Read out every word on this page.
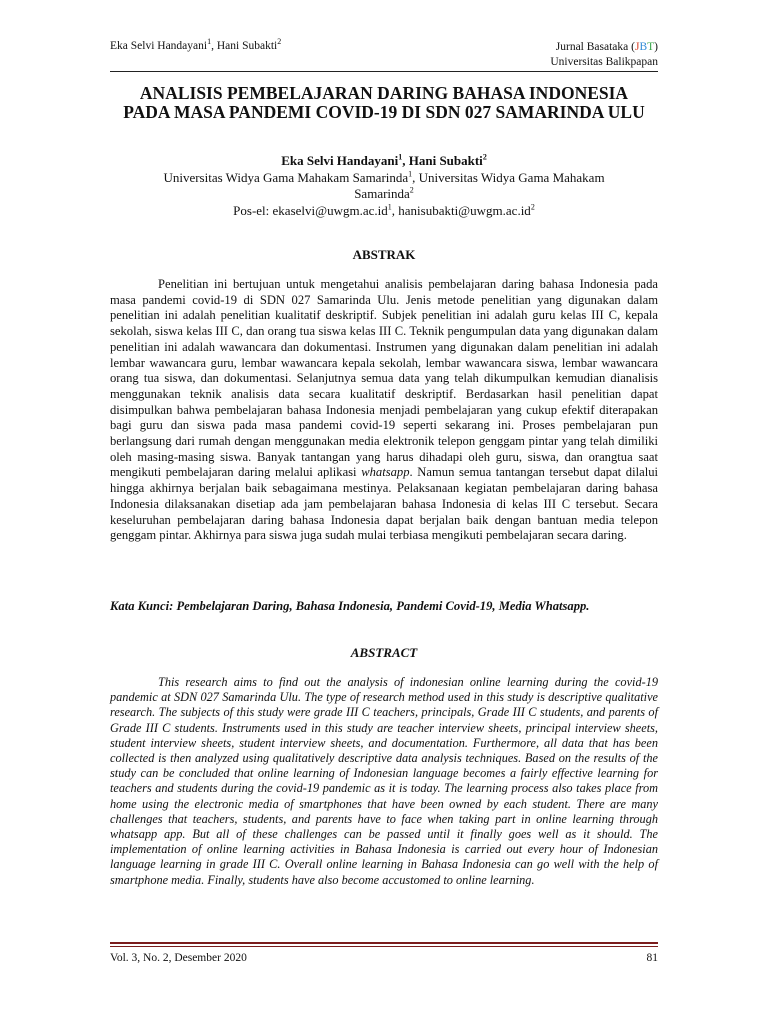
Eka Selvi Handayani$^1$, Hani Subakti$^2$	Jurnal Basataka (JBT)
Universitas Balikpapan
ANALISIS PEMBELAJARAN DARING BAHASA INDONESIA
PADA MASA PANDEMI COVID-19 DI SDN 027 SAMARINDA ULU
Eka Selvi Handayani$^1$, Hani Subakti$^2$
Universitas Widya Gama Mahakam Samarinda$^1$, Universitas Widya Gama Mahakam
Samarinda$^2$
Pos-el: $ekaselvi@uwgm.ac.id^1$, $hanisubakti@uwgm.ac.id^2$
ABSTRAK

Penelitian ini bertujuan untuk mengetahui analisis pembelajaran daring bahasa Indonesia pada masa pandemi covid-19 di SDN 027 Samarinda Ulu. Jenis metode penelitian yang digunakan dalam penelitian ini adalah penelitian kualitatif deskriptif. Subjek penelitian ini adalah guru kelas III C, kepala sekolah, siswa kelas III C, dan orang tua siswa kelas III C. Teknik pengumpulan data yang digunakan dalam penelitian ini adalah wawancara dan dokumentasi. Instrumen yang digunakan dalam penelitian ini adalah lembar wawancara guru, lembar wawancara kepala sekolah, lembar wawancara siswa, lembar wawancara orang tua siswa, dan dokumentasi. Selanjutnya semua data yang telah dikumpulkan kemudian dianalisis menggunakan teknik analisis data secara kualitatif deskriptif. Berdasarkan hasil penelitian dapat disimpulkan bahwa pembelajaran bahasa Indonesia menjadi pembelajaran yang cukup efektif diterapakan bagi guru dan siswa pada masa pandemi covid-19 seperti sekarang ini. Proses pembelajaran pun berlangsung dari rumah dengan menggunakan media elektronik telepon genggam pintar yang telah dimiliki oleh masing-masing siswa. Banyak tantangan yang harus dihadapi oleh guru, siswa, dan orangtua saat mengikuti pembelajaran daring melalui aplikasi whatsapp. Namun semua tantangan tersebut dapat dilalui hingga akhirnya berjalan baik sebagaimana mestinya. Pelaksanaan kegiatan pembelajaran daring bahasa Indonesia dilaksanakan disetiap ada jam pembelajaran bahasa Indonesia di kelas III C tersebut. Secara keseluruhan pembelajaran daring bahasa Indonesia dapat berjalan baik dengan bantuan media telepon genggam pintar. Akhirnya para siswa juga sudah mulai terbiasa mengikuti pembelajaran secara daring.

Kata Kunci: Pembelajaran Daring, Bahasa Indonesia, Pandemi Covid-19, Media Whatsapp.

ABSTRACT

This research aims to find out the analysis of indonesian online learning during the covid-19 pandemic at SDN 027 Samarinda Ulu. The type of research method used in this study is descriptive qualitative research. The subjects of this study were grade III C teachers, principals, Grade III C students, and parents of Grade III C students. Instruments used in this study are teacher interview sheets, principal interview sheets, student interview sheets, student interview sheets, and documentation. Furthermore, all data that has been collected is then analyzed using qualitatively descriptive data analysis techniques. Based on the results of the study can be concluded that online learning of Indonesian language becomes a fairly effective learning for teachers and students during the covid-19 pandemic as it is today. The learning process also takes place from home using the electronic media of smartphones that have been owned by each student. There are many challenges that teachers, students, and parents have to face when taking part in online learning through whatsapp app. But all of these challenges can be passed until it finally goes well as it should. The implementation of online learning activities in Bahasa Indonesia is carried out every hour of Indonesian language learning in grade III C. Overall online learning in Bahasa Indonesia can go well with the help of smartphone media. Finally, students have also become accustomed to online learning.

Vol. 3, No. 2, Desember 2020	81
